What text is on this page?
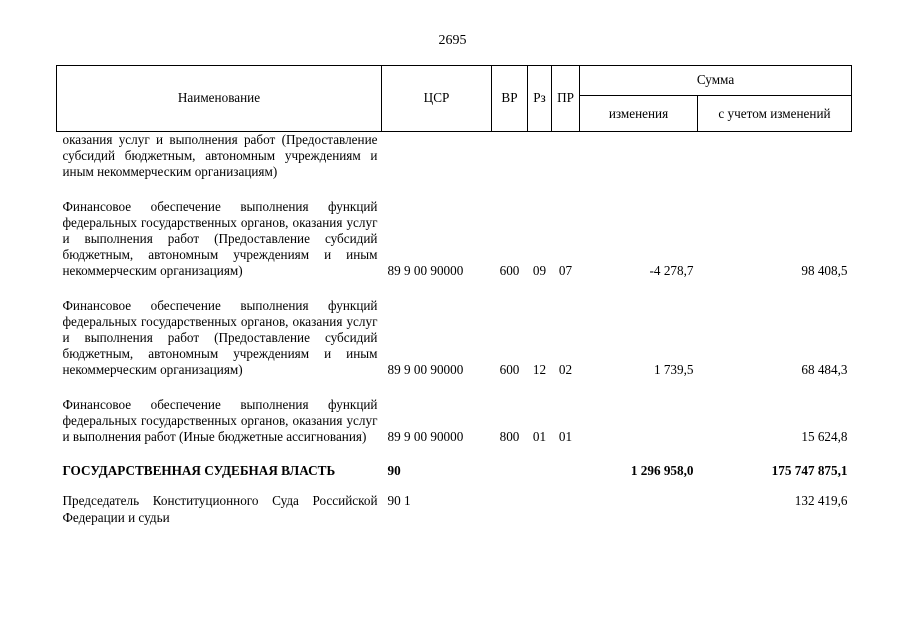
2695
Наименование	ЦСР	ВР	Рз	ПР	Сумма	
					изменения	с учетом изменений
оказания услуг и выполнения работ (Предоставление субсидий бюджетным, автономным учреждениям и иным некоммерческим организациям)						

Финансовое обеспечение выполнения функций федеральных государственных органов, оказания услуг и выполнения работ (Предоставление субсидий бюджетным, автономным учреждениям и иным некоммерческим организациям)	89 9 00 90000	600	09	07	-4 278,7	98 408,5

Финансовое обеспечение выполнения функций федеральных государственных органов, оказания услуг и выполнения работ (Предоставление субсидий бюджетным, автономным учреждениям и иным некоммерческим организациям)	89 9 00 90000	600	12	02	1 739,5	68 484,3

Финансовое обеспечение выполнения функций федеральных государственных органов, оказания услуг и выполнения работ (Иные бюджетные ассигнования)	89 9 00 90000	800	01	01		15 624,8

ГОСУДАРСТВЕННАЯ СУДЕБНАЯ ВЛАСТЬ	90				1 296 958,0	175 747 875,1

Председатель Конституционного Суда Российской Федерации и судьи	90 1					132 419,6
